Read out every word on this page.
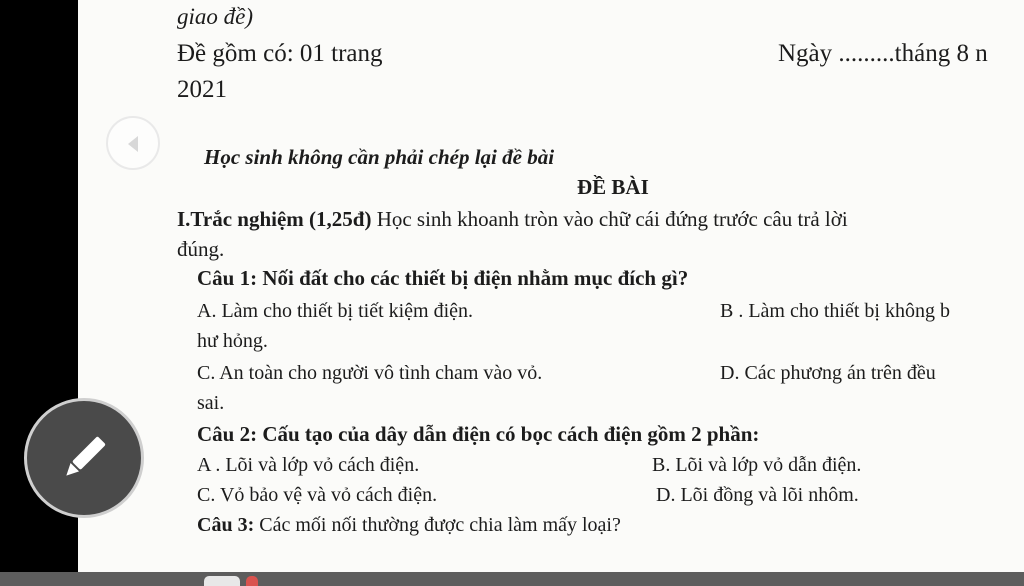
giao đề)
Đề gồm có: 01 trang	Ngày .........tháng 8 n
2021
Học sinh không cần phải chép lại đề bài
ĐỀ BÀI
I.Trắc nghiệm (1,25đ) Học sinh khoanh tròn vào chữ cái đứng trước câu trả lời
đúng.
Câu 1: Nối đất cho các thiết bị điện nhằm mục đích gì?
A. Làm cho thiết bị tiết kiệm điện.	B . Làm cho thiết bị không b
hư hỏng.
C. An toàn cho người vô tình cham vào vỏ.	D. Các phương án trên đều
sai.
Câu 2: Cấu tạo của dây dẫn điện có bọc cách điện gồm 2 phần:
A . Lõi và lớp vỏ cách điện.	B. Lõi và lớp vỏ dẫn điện.
C. Vỏ bảo vệ và vỏ cách điện.	D. Lõi đồng và lõi nhôm.
Câu 3: Các mối nối thường được chia làm mấy loại?
